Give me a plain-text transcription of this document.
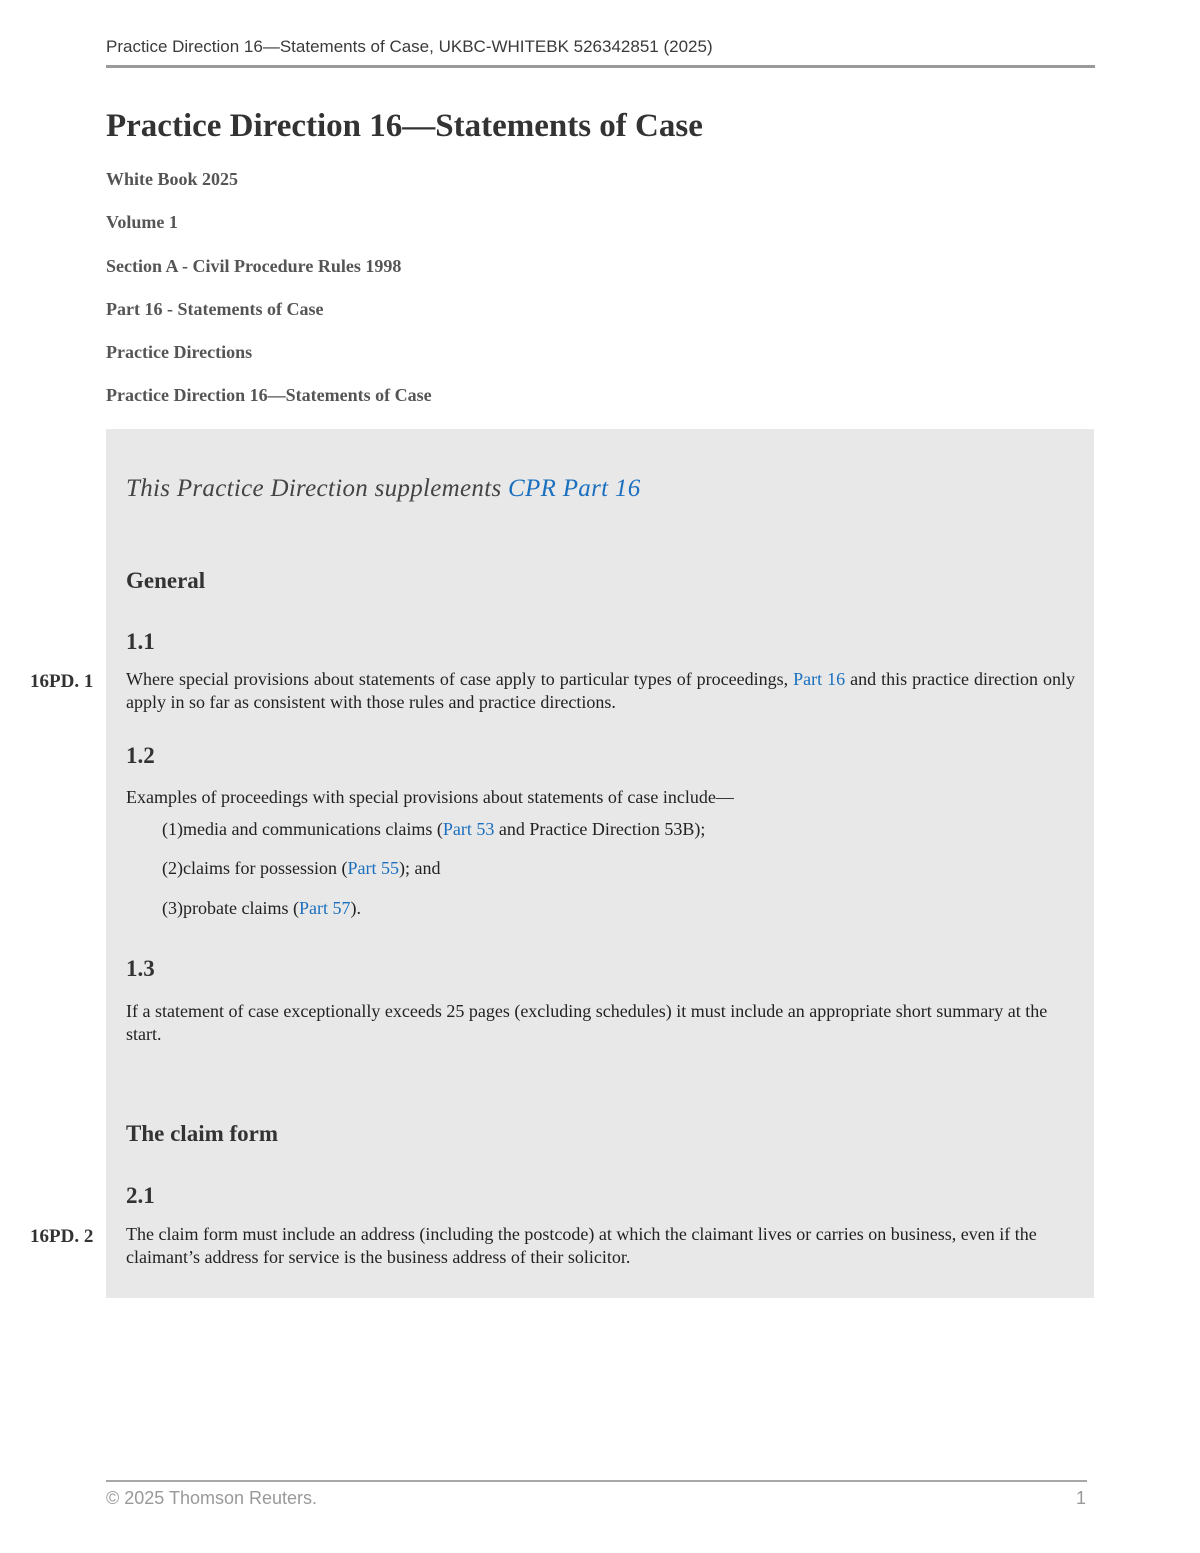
Practice Direction 16—Statements of Case, UKBC-WHITEBK 526342851 (2025)
Practice Direction 16—Statements of Case
White Book 2025
Volume 1
Section A - Civil Procedure Rules 1998
Part 16 - Statements of Case
Practice Directions
Practice Direction 16—Statements of Case
16PD. 1
16PD. 2
This Practice Direction supplements CPR Part 16
General
1.1
Where special provisions about statements of case apply to particular types of proceedings, Part 16 and this practice direction only apply in so far as consistent with those rules and practice directions.
1.2
Examples of proceedings with special provisions about statements of case include—
(1)media and communications claims (Part 53 and Practice Direction 53B);
(2)claims for possession (Part 55); and
(3)probate claims (Part 57).
1.3
If a statement of case exceptionally exceeds 25 pages (excluding schedules) it must include an appropriate short summary at the start.
The claim form
2.1
The claim form must include an address (including the postcode) at which the claimant lives or carries on business, even if the claimant’s address for service is the business address of their solicitor.
© 2025 Thomson Reuters.	1
